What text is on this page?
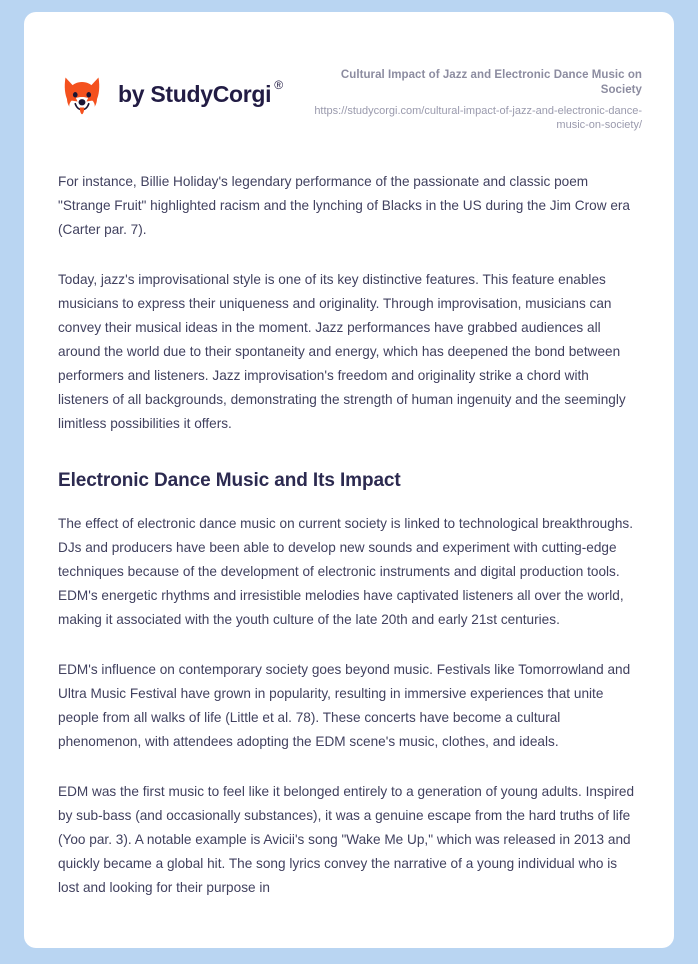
by StudyCorgi ®

Cultural Impact of Jazz and Electronic Dance Music on Society

https://studycorgi.com/cultural-impact-of-jazz-and-electronic-dance-music-on-society/

For instance, Billie Holiday's legendary performance of the passionate and classic poem "Strange Fruit" highlighted racism and the lynching of Blacks in the US during the Jim Crow era (Carter par. 7).

Today, jazz's improvisational style is one of its key distinctive features. This feature enables musicians to express their uniqueness and originality. Through improvisation, musicians can convey their musical ideas in the moment. Jazz performances have grabbed audiences all around the world due to their spontaneity and energy, which has deepened the bond between performers and listeners. Jazz improvisation's freedom and originality strike a chord with listeners of all backgrounds, demonstrating the strength of human ingenuity and the seemingly limitless possibilities it offers.

Electronic Dance Music and Its Impact

The effect of electronic dance music on current society is linked to technological breakthroughs. DJs and producers have been able to develop new sounds and experiment with cutting-edge techniques because of the development of electronic instruments and digital production tools. EDM's energetic rhythms and irresistible melodies have captivated listeners all over the world, making it associated with the youth culture of the late 20th and early 21st centuries.

EDM's influence on contemporary society goes beyond music. Festivals like Tomorrowland and Ultra Music Festival have grown in popularity, resulting in immersive experiences that unite people from all walks of life (Little et al. 78). These concerts have become a cultural phenomenon, with attendees adopting the EDM scene's music, clothes, and ideals.

EDM was the first music to feel like it belonged entirely to a generation of young adults. Inspired by sub-bass (and occasionally substances), it was a genuine escape from the hard truths of life (Yoo par. 3). A notable example is Avicii's song "Wake Me Up," which was released in 2013 and quickly became a global hit. The song lyrics convey the narrative of a young individual who is lost and looking for their purpose in
